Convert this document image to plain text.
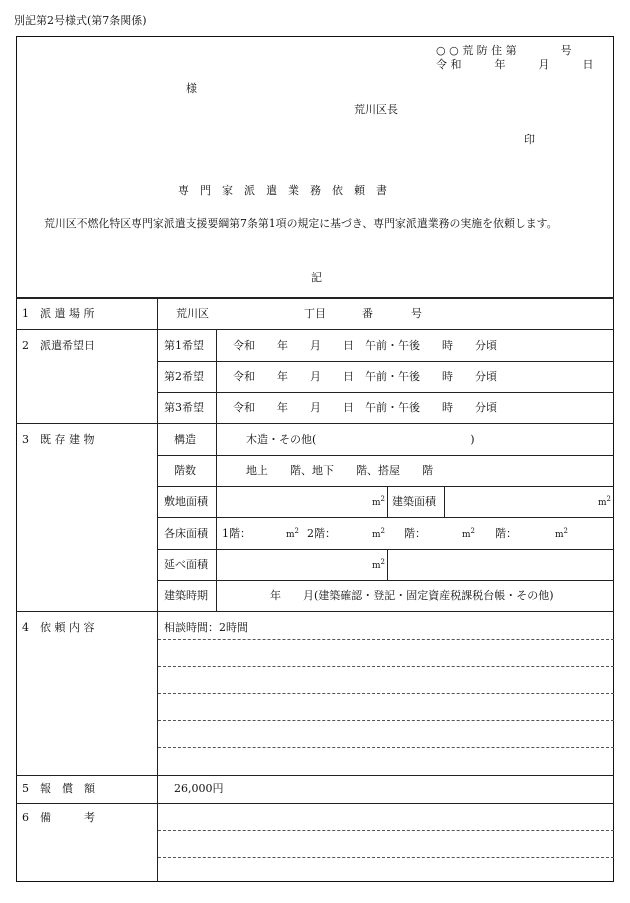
別記第2号様式(第7条関係)
○ ○ 荒 防 住 第　　　　号
令 和　　　年　　　月　　　日
様
荒川区長
印
専　門　家　派　遣　業　務　依　頼　書
荒川区不燃化特区専門家派遣支援要綱第7条第1項の規定に基づき、専門家派遣業務の実施を依頼します。
記
1　派 遣 場 所	荒川区	丁目	番	号
2　派遣希望日	第1希望	令和　　年　　月　　日　午前・午後　　時　　分頃
第2希望	令和　　年　　月　　日　午前・午後　　時　　分頃
第3希望	令和　　年　　月　　日　午前・午後　　時　　分頃
3　既 存 建 物	構造	木造・その他(　　　　　　　　　　　　　　)
階数	地上　　階、地下　　階、搭屋　　階
敷地面積	$m^2$ 建築面積	$m^2$
各床面積 1階：	$m^2$ 2階：	$m^2$ 階：	$m^2$ 階：	$m^2$
延べ面積	$m^2$
建築時期	年　　月(建築確認・登記・固定資産税課税台帳・その他)
4　依 頼 内 容	相談時間：2時間
5　報　償　額	26,000円
6　備　　　考
